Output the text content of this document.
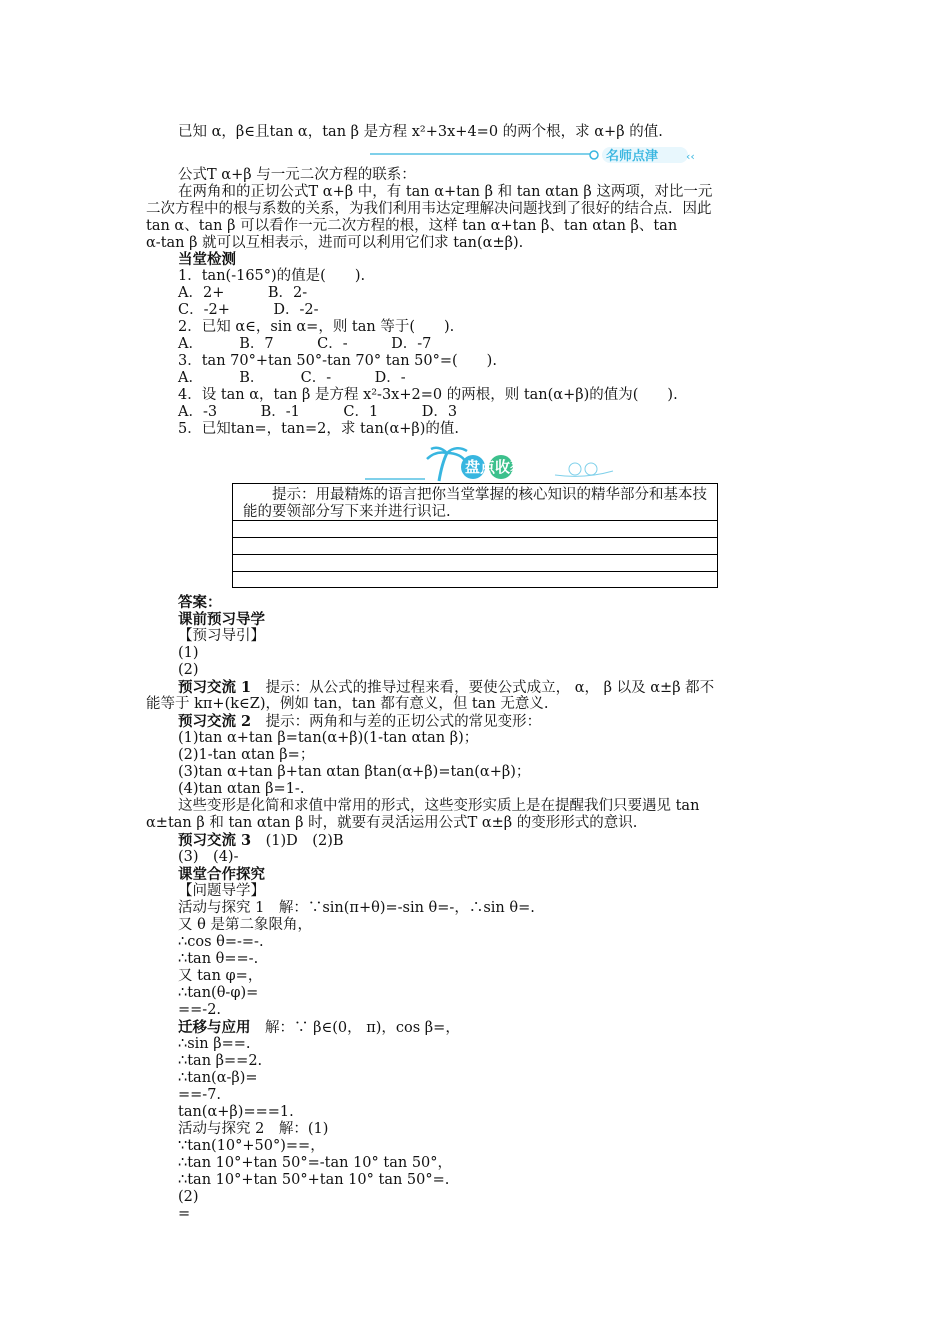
已知 α，β∈且tan α，tan β 是方程 x²+3x+4=0 的两个根，求 α+β 的值.
名师点津	‹‹
公式T α+β 与一元二次方程的联系：
在两角和的正切公式T α+β 中，有 tan α+tan β 和 tan αtan β 这两项，对比一元
二次方程中的根与系数的关系，为我们利用韦达定理解决问题找到了很好的结合点．因此
tan α、tan β 可以看作一元二次方程的根，这样 tan α+tan β、tan αtan β、tan
α-tan β 就可以互相表示，进而可以利用它们求 tan(α±β).
当堂检测
1．tan(-165°)的值是(　　).
A．2+　　　B．2-
C．-2+　　　D．-2-
2．已知 α∈，sin α=，则 tan 等于(　　).
A．　　　B．7　　　C．-　　　D．-7
3．tan 70°+tan 50°-tan 70° tan 50°=(　　).
A．　　　B．　　　C．-　　　D．-
4．设 tan α，tan β 是方程 x²-3x+2=0 的两根，则 tan(α+β)的值为(　　).
A．-3　　　B．-1　　　C．1　　　D．3
5．已知tan=，tan=2，求 tan(α+β)的值.
盘点收获
提示：用最精炼的语言把你当堂掌握的核心知识的精华部分和基本技能的要领部分写下来并进行识记.
答案：
课前预习导学
【预习导引】
(1)
(2)
预习交流 1　提示：从公式的推导过程来看，要使公式成立， α， β 以及 α±β 都不
能等于 kπ+(k∈Z)，例如 tan，tan 都有意义，但 tan 无意义.
预习交流 2　提示：两角和与差的正切公式的常见变形：
(1)tan α+tan β=tan(α+β)(1-tan αtan β)；
(2)1-tan αtan β=；
(3)tan α+tan β+tan αtan βtan(α+β)=tan(α+β)；
(4)tan αtan β=1-.
这些变形是化简和求值中常用的形式，这些变形实质上是在提醒我们只要遇见 tan
α±tan β 和 tan αtan β 时，就要有灵活运用公式T α±β 的变形形式的意识.
预习交流 3　(1)D　(2)B
(3)　(4)-
课堂合作探究
【问题导学】
活动与探究 1　解：∵sin(π+θ)=-sin θ=-，∴sin θ=.
又 θ 是第二象限角，
∴cos θ=-=-.
∴tan θ==-.
又 tan φ=，
∴tan(θ-φ)=
==-2.
迁移与应用　解：∵ β∈(0， π)，cos β=，
∴sin β==.
∴tan β==2.
∴tan(α-β)=
==-7.
tan(α+β)===1.
活动与探究 2　解：(1)
∵tan(10°+50°)==，
∴tan 10°+tan 50°=-tan 10° tan 50°，
∴tan 10°+tan 50°+tan 10° tan 50°=.
(2)
=
